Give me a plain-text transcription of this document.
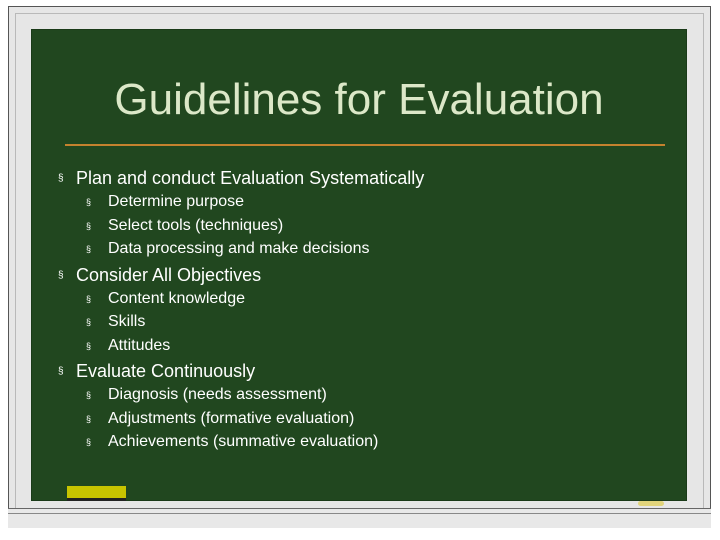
Guidelines for Evaluation
§ Plan and conduct Evaluation Systematically
§ Determine purpose
§ Select tools (techniques)
§ Data processing and make decisions
§ Consider All Objectives
§ Content knowledge
§ Skills
§ Attitudes
§ Evaluate Continuously
§ Diagnosis (needs assessment)
§ Adjustments (formative evaluation)
§ Achievements (summative evaluation)
